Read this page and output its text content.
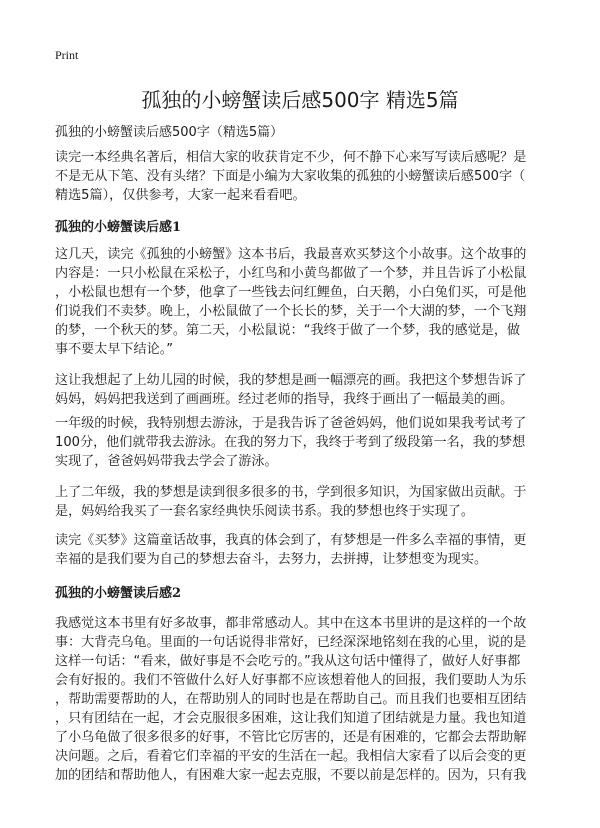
Print
孤独的小螃蟹读后感500字 精选5篇
孤独的小螃蟹读后感500字（精选5篇）
读完一本经典名著后，相信大家的收获肯定不少，何不静下心来写写读后感呢？是
不是无从下笔、没有头绪？下面是小编为大家收集的孤独的小螃蟹读后感500字（
精选5篇），仅供参考，大家一起来看看吧。
孤独的小螃蟹读后感1
这几天，读完《孤独的小螃蟹》这本书后，我最喜欢买梦这个小故事。这个故事的
内容是：一只小松鼠在采松子，小红鸟和小黄鸟都做了一个梦，并且告诉了小松鼠
，小松鼠也想有一个梦，他拿了一些钱去问红鲤鱼，白天鹅，小白兔们买，可是他
们说我们不卖梦。晚上，小松鼠做了一个长长的梦，关于一个大湖的梦，一个飞翔
的梦，一个秋天的梦。第二天，小松鼠说：“我终于做了一个梦，我的感觉是，做
事不要太早下结论。”
这让我想起了上幼儿园的时候，我的梦想是画一幅漂亮的画。我把这个梦想告诉了
妈妈，妈妈把我送到了画画班。经过老师的指导，我终于画出了一幅最美的画。
一年级的时候，我特别想去游泳，于是我告诉了爸爸妈妈，他们说如果我考试考了
100分，他们就带我去游泳。在我的努力下，我终于考到了级段第一名，我的梦想
实现了，爸爸妈妈带我去学会了游泳。
上了二年级，我的梦想是读到很多很多的书，学到很多知识，为国家做出贡献。于
是，妈妈给我买了一套名家经典快乐阅读书系。我的梦想也终于实现了。
读完《买梦》这篇童话故事，我真的体会到了，有梦想是一件多么幸福的事情，更
幸福的是我们要为自己的梦想去奋斗，去努力，去拼搏，让梦想变为现实。
孤独的小螃蟹读后感2
我感觉这本书里有好多故事，都非常感动人。其中在这本书里讲的是这样的一个故
事：大背壳乌龟。里面的一句话说得非常好，已经深深地铭刻在我的心里，说的是
这样一句话：“看来，做好事是不会吃亏的。”我从这句话中懂得了，做好人好事都
会有好报的。我们不管做什么好人好事都不应该想着他人的回报，我们要助人为乐
，帮助需要帮助的人，在帮助别人的同时也是在帮助自己。而且我们也要相互团结
，只有团结在一起，才会克服很多困难，这让我们知道了团结就是力量。我也知道
了小乌龟做了很多很多的好事，不管比它厉害的，还是有困难的，它都会去帮助解
决问题。之后，看着它们幸福的平安的生活在一起。我相信大家看了以后会变的更
加的团结和帮助他人，有困难大家一起去克服，不要以前是怎样的。因为，只有我
